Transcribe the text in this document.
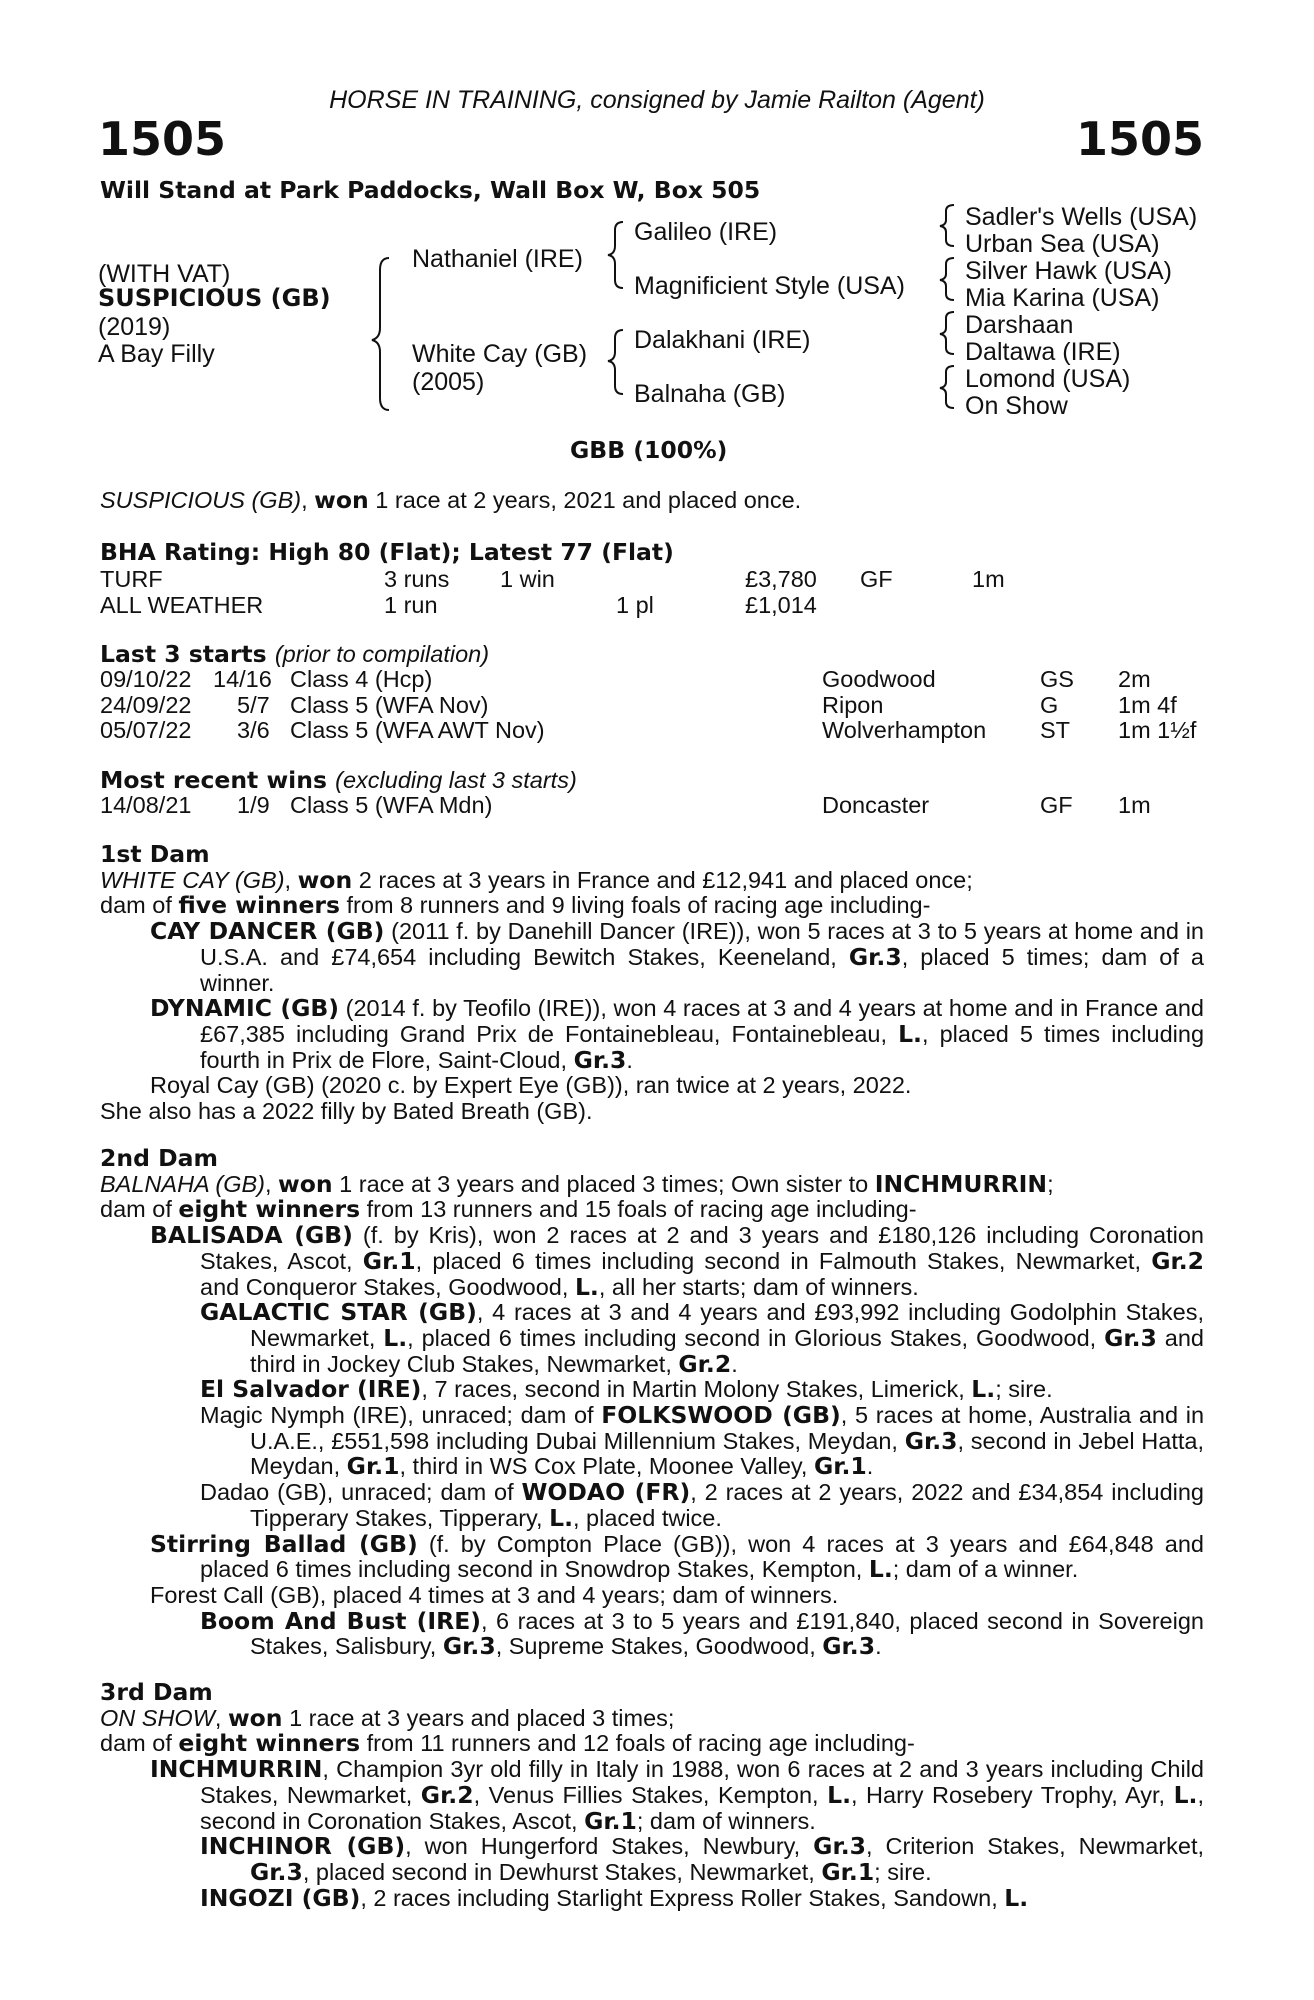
HORSE IN TRAINING, consigned by Jamie Railton (Agent)
1505	1505
Will Stand at Park Paddocks, Wall Box W, Box 505
(WITH VAT)
SUSPICIOUS (GB)
(2019)
A Bay Filly
Nathaniel (IRE)
White Cay (GB)
(2005)
Galileo (IRE)
Magnificient Style (USA)
Dalakhani (IRE)
Balnaha (GB)
Sadler's Wells (USA)
Urban Sea (USA)
Silver Hawk (USA)
Mia Karina (USA)
Darshaan
Daltawa (IRE)
Lomond (USA)
On Show
GBB (100%)
SUSPICIOUS (GB), won 1 race at 2 years, 2021 and placed once.

BHA Rating: High 80 (Flat); Latest 77 (Flat)

TURF	3 runs 1 win	£3,780 GF	1m
ALL WEATHER	1 run	1 pl	£1,014

Last 3 starts (prior to compilation)

09/10/22 14/16 Class 4 (Hcp)	Goodwood	GS 2m
24/09/22 5/7 Class 5 (WFA Nov)	Ripon	G	1m 4f
05/07/22 3/6 Class 5 (WFA AWT Nov)	Wolverhampton ST 1m 1½f

Most recent wins (excluding last 3 starts)

14/08/21 1/9 Class 5 (WFA Mdn)	Doncaster	GF 1m

1st Dam

WHITE CAY (GB), won 2 races at 3 years in France and £12,941 and placed once;

dam of five winners from 8 runners and 9 living foals of racing age including-

CAY DANCER (GB) (2011 f. by Danehill Dancer (IRE)), won 5 races at 3 to 5 years at home and in U.S.A. and £74,654 including Bewitch Stakes, Keeneland, Gr.3, placed 5 times; dam of a winner.

DYNAMIC (GB) (2014 f. by Teofilo (IRE)), won 4 races at 3 and 4 years at home and in France and £67,385 including Grand Prix de Fontainebleau, Fontainebleau, L., placed 5 times including fourth in Prix de Flore, Saint-Cloud, Gr.3.

Royal Cay (GB) (2020 c. by Expert Eye (GB)), ran twice at 2 years, 2022.

She also has a 2022 filly by Bated Breath (GB).

2nd Dam

BALNAHA (GB), won 1 race at 3 years and placed 3 times; Own sister to INCHMURRIN;

dam of eight winners from 13 runners and 15 foals of racing age including-

BALISADA (GB) (f. by Kris), won 2 races at 2 and 3 years and £180,126 including Coronation Stakes, Ascot, Gr.1, placed 6 times including second in Falmouth Stakes, Newmarket, Gr.2 and Conqueror Stakes, Goodwood, L., all her starts; dam of winners.

GALACTIC STAR (GB), 4 races at 3 and 4 years and £93,992 including Godolphin Stakes, Newmarket, L., placed 6 times including second in Glorious Stakes, Goodwood, Gr.3 and third in Jockey Club Stakes, Newmarket, Gr.2.

El Salvador (IRE), 7 races, second in Martin Molony Stakes, Limerick, L.; sire.

Magic Nymph (IRE), unraced; dam of FOLKSWOOD (GB), 5 races at home, Australia and in U.A.E., £551,598 including Dubai Millennium Stakes, Meydan, Gr.3, second in Jebel Hatta, Meydan, Gr.1, third in WS Cox Plate, Moonee Valley, Gr.1.

Dadao (GB), unraced; dam of WODAO (FR), 2 races at 2 years, 2022 and £34,854 including Tipperary Stakes, Tipperary, L., placed twice.

Stirring Ballad (GB) (f. by Compton Place (GB)), won 4 races at 3 years and £64,848 and placed 6 times including second in Snowdrop Stakes, Kempton, L.; dam of a winner.

Forest Call (GB), placed 4 times at 3 and 4 years; dam of winners.

Boom And Bust (IRE), 6 races at 3 to 5 years and £191,840, placed second in Sovereign Stakes, Salisbury, Gr.3, Supreme Stakes, Goodwood, Gr.3.

3rd Dam

ON SHOW, won 1 race at 3 years and placed 3 times;

dam of eight winners from 11 runners and 12 foals of racing age including-

INCHMURRIN, Champion 3yr old filly in Italy in 1988, won 6 races at 2 and 3 years including Child Stakes, Newmarket, Gr.2, Venus Fillies Stakes, Kempton, L., Harry Rosebery Trophy, Ayr, L., second in Coronation Stakes, Ascot, Gr.1; dam of winners.

INCHINOR (GB), won Hungerford Stakes, Newbury, Gr.3, Criterion Stakes, Newmarket, Gr.3, placed second in Dewhurst Stakes, Newmarket, Gr.1; sire.

INGOZI (GB), 2 races including Starlight Express Roller Stakes, Sandown, L.
